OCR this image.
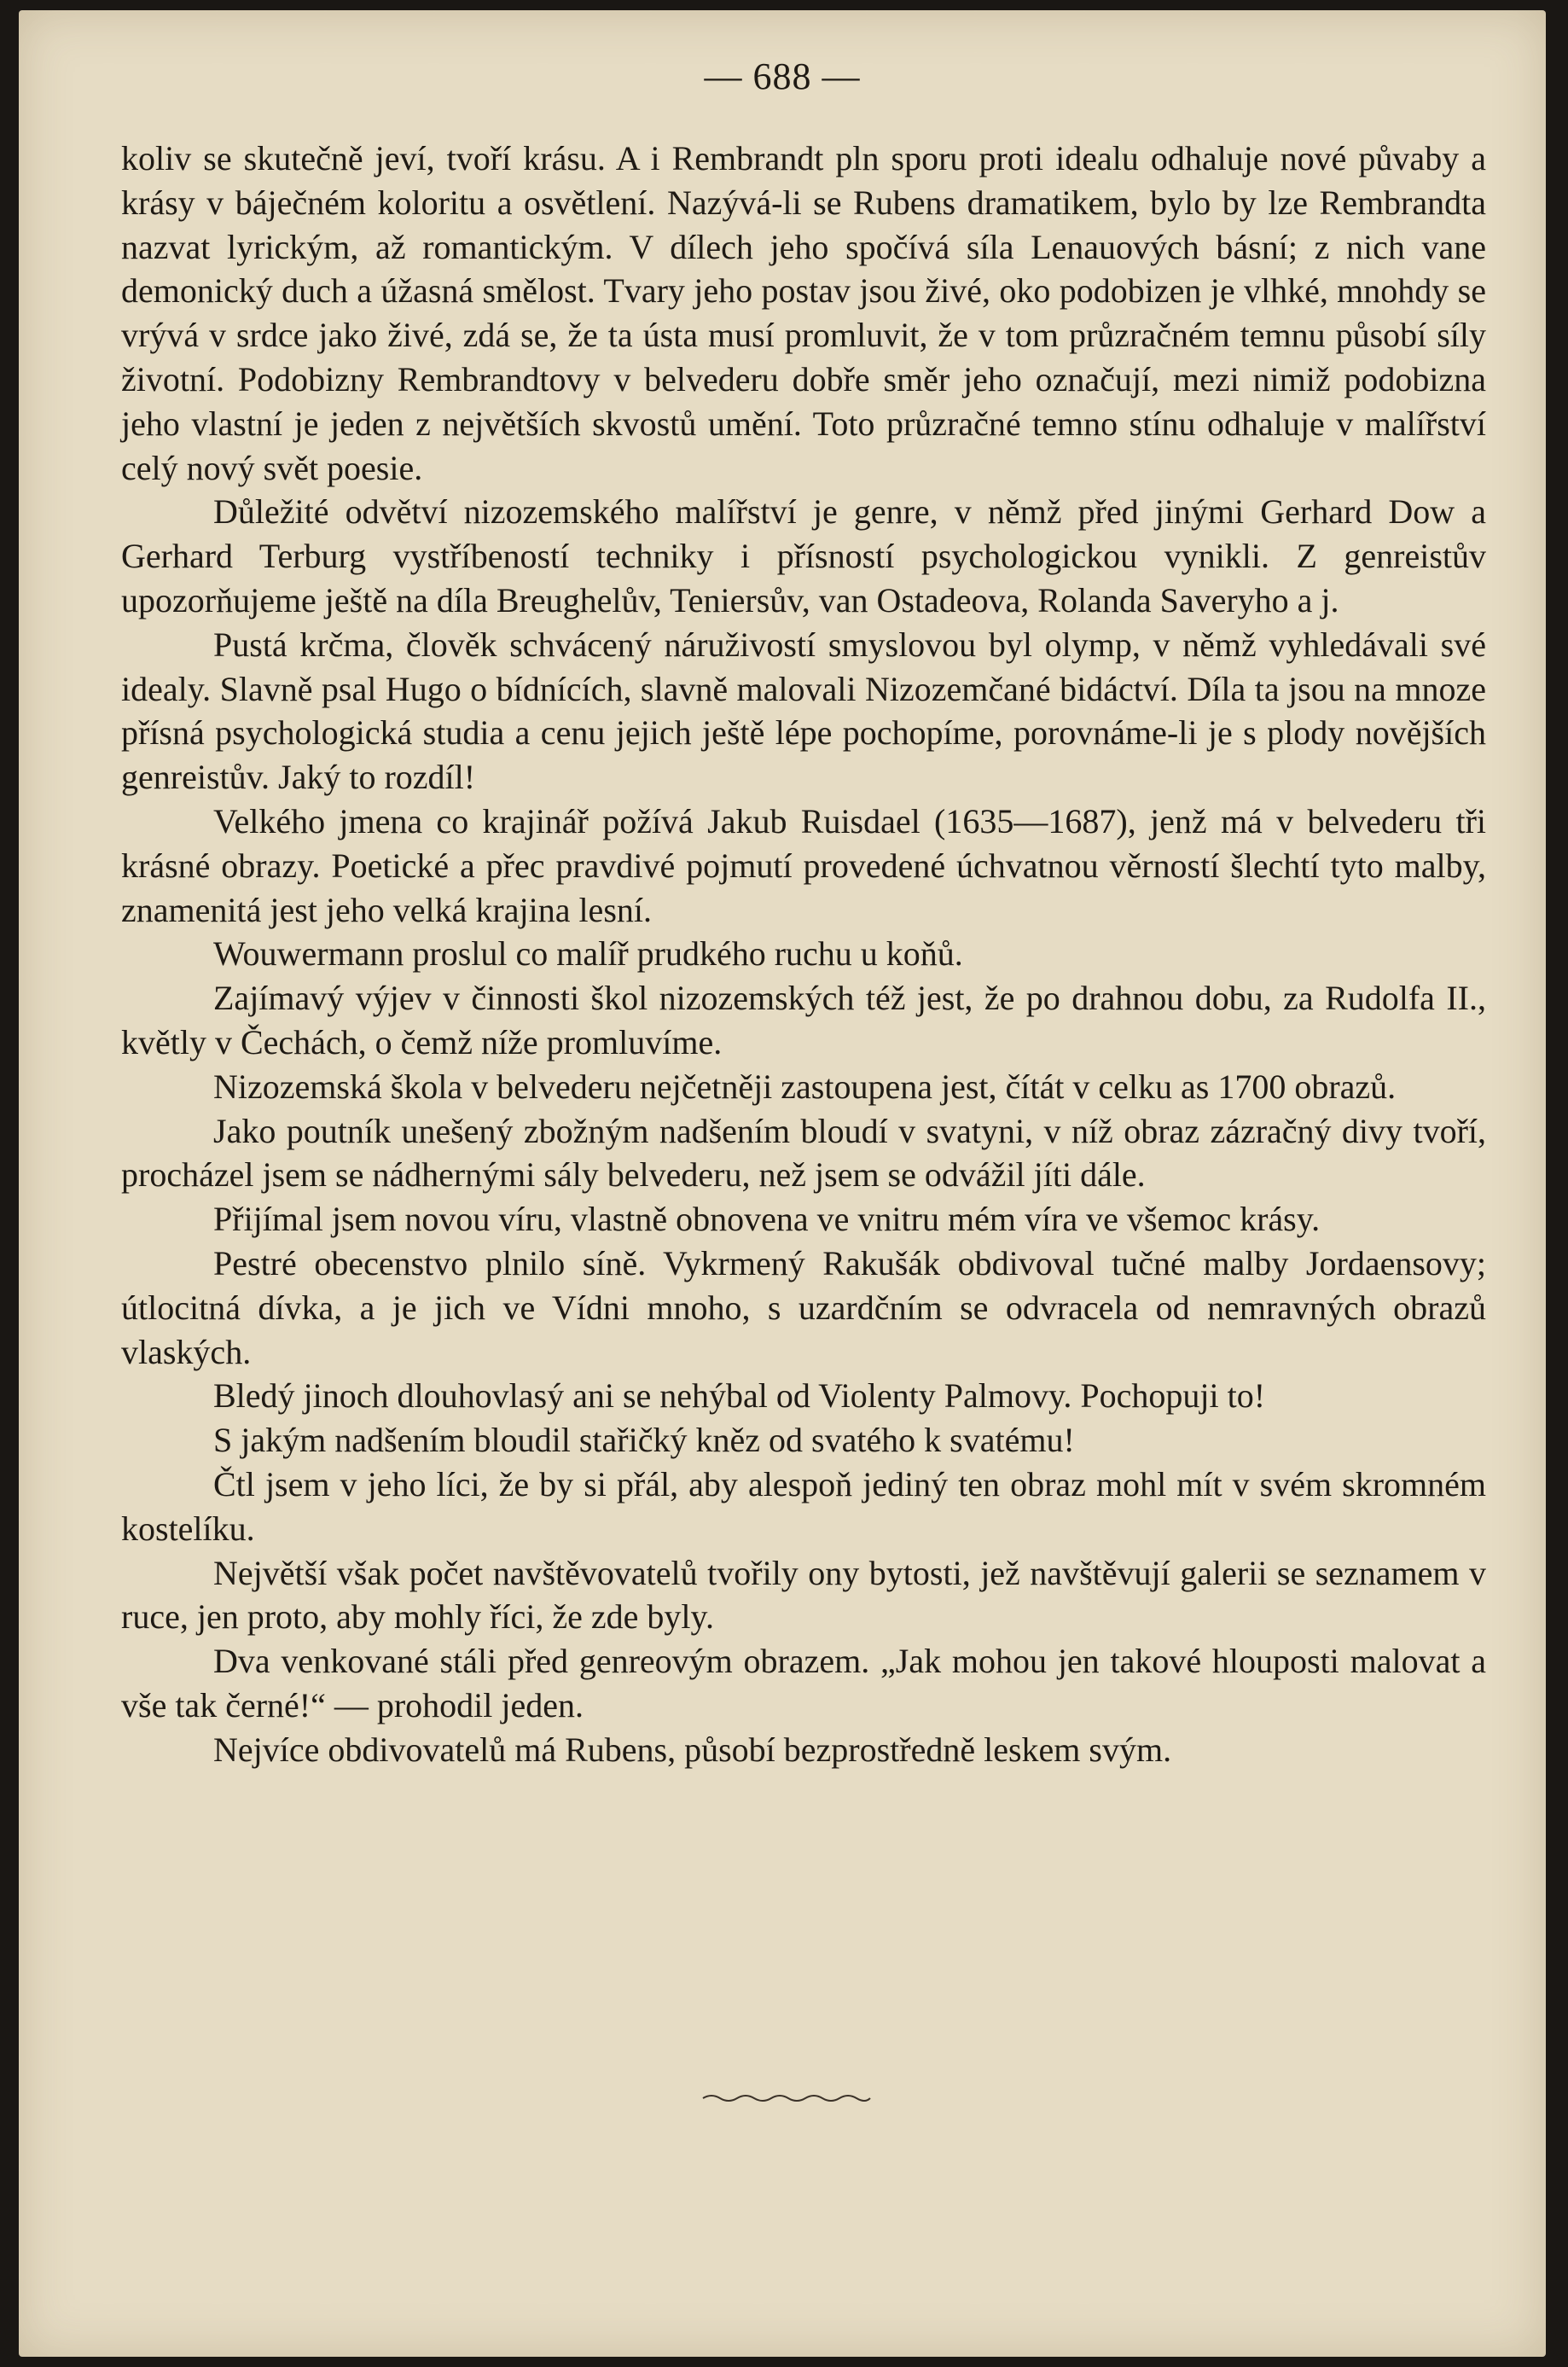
— 688 —

koliv se skutečně jeví, tvoří krásu. A i Rembrandt pln sporu proti idealu odhaluje nové půvaby a krásy v báječném koloritu a osvětlení. Nazývá-li se Rubens dramatikem, bylo by lze Rembrandta nazvat lyrickým, až romantickým. V dílech jeho spočívá síla Lenauových básní; z nich vane demonický duch a úžasná smělost. Tvary jeho postav jsou živé, oko podobizen je vlhké, mnohdy se vrývá v srdce jako živé, zdá se, že ta ústa musí promluvit, že v tom průzračném temnu působí síly životní. Podobizny Rembrandtovy v belvederu dobře směr jeho označují, mezi nimiž podobizna jeho vlastní je jeden z největších skvostů umění. Toto průzračné temno stínu odhaluje v malířství celý nový svět poesie.

Důležité odvětví nizozemského malířství je genre, v němž před jinými Gerhard Dow a Gerhard Terburg vystříbeností techniky i přísností psychologickou vynikli. Z genreistův upozorňujeme ještě na díla Breughelův, Teniersův, van Ostadeova, Rolanda Saveryho a j.

Pustá krčma, člověk schvácený náruživostí smyslovou byl olymp, v němž vyhledávali své idealy. Slavně psal Hugo o bídnících, slavně malovali Nizozemčané bidáctví. Díla ta jsou na mnoze přísná psychologická studia a cenu jejich ještě lépe pochopíme, porovnáme-li je s plody novějších genreistův. Jaký to rozdíl!

Velkého jmena co krajinář požívá Jakub Ruisdael (1635—1687), jenž má v belvederu tři krásné obrazy. Poetické a přec pravdivé pojmutí provedené úchvatnou věrností šlechtí tyto malby, znamenitá jest jeho velká krajina lesní.

Wouwermann proslul co malíř prudkého ruchu u koňů.

Zajímavý výjev v činnosti škol nizozemských též jest, že po drahnou dobu, za Rudolfa II., květly v Čechách, o čemž níže promluvíme.

Nizozemská škola v belvederu nejčetněji zastoupena jest, čítát v celku as 1700 obrazů.

Jako poutník unešený zbožným nadšením bloudí v svatyni, v níž obraz zázračný divy tvoří, procházel jsem se nádhernými sály belvederu, než jsem se odvážil jíti dále.

Přijímal jsem novou víru, vlastně obnovena ve vnitru mém víra ve všemoc krásy.

Pestré obecenstvo plnilo síně. Vykrmený Rakušák obdivoval tučné malby Jordaensovy; útlocitná dívka, a je jich ve Vídni mnoho, s uzardčním se odvracela od nemravných obrazů vlaských.

Bledý jinoch dlouhovlasý ani se nehýbal od Violenty Palmovy. Pochopuji to!

S jakým nadšením bloudil stařičký kněz od svatého k svatému!

Čtl jsem v jeho líci, že by si přál, aby alespoň jediný ten obraz mohl mít v svém skromném kostelíku.

Největší však počet navštěvovatelů tvořily ony bytosti, jež navštěvují galerii se seznamem v ruce, jen proto, aby mohly říci, že zde byly.

Dva venkované stáli před genreovým obrazem. „Jak mohou jen takové hlouposti malovat a vše tak černé!“ — prohodil jeden.

Nejvíce obdivovatelů má Rubens, působí bezprostředně leskem svým.
